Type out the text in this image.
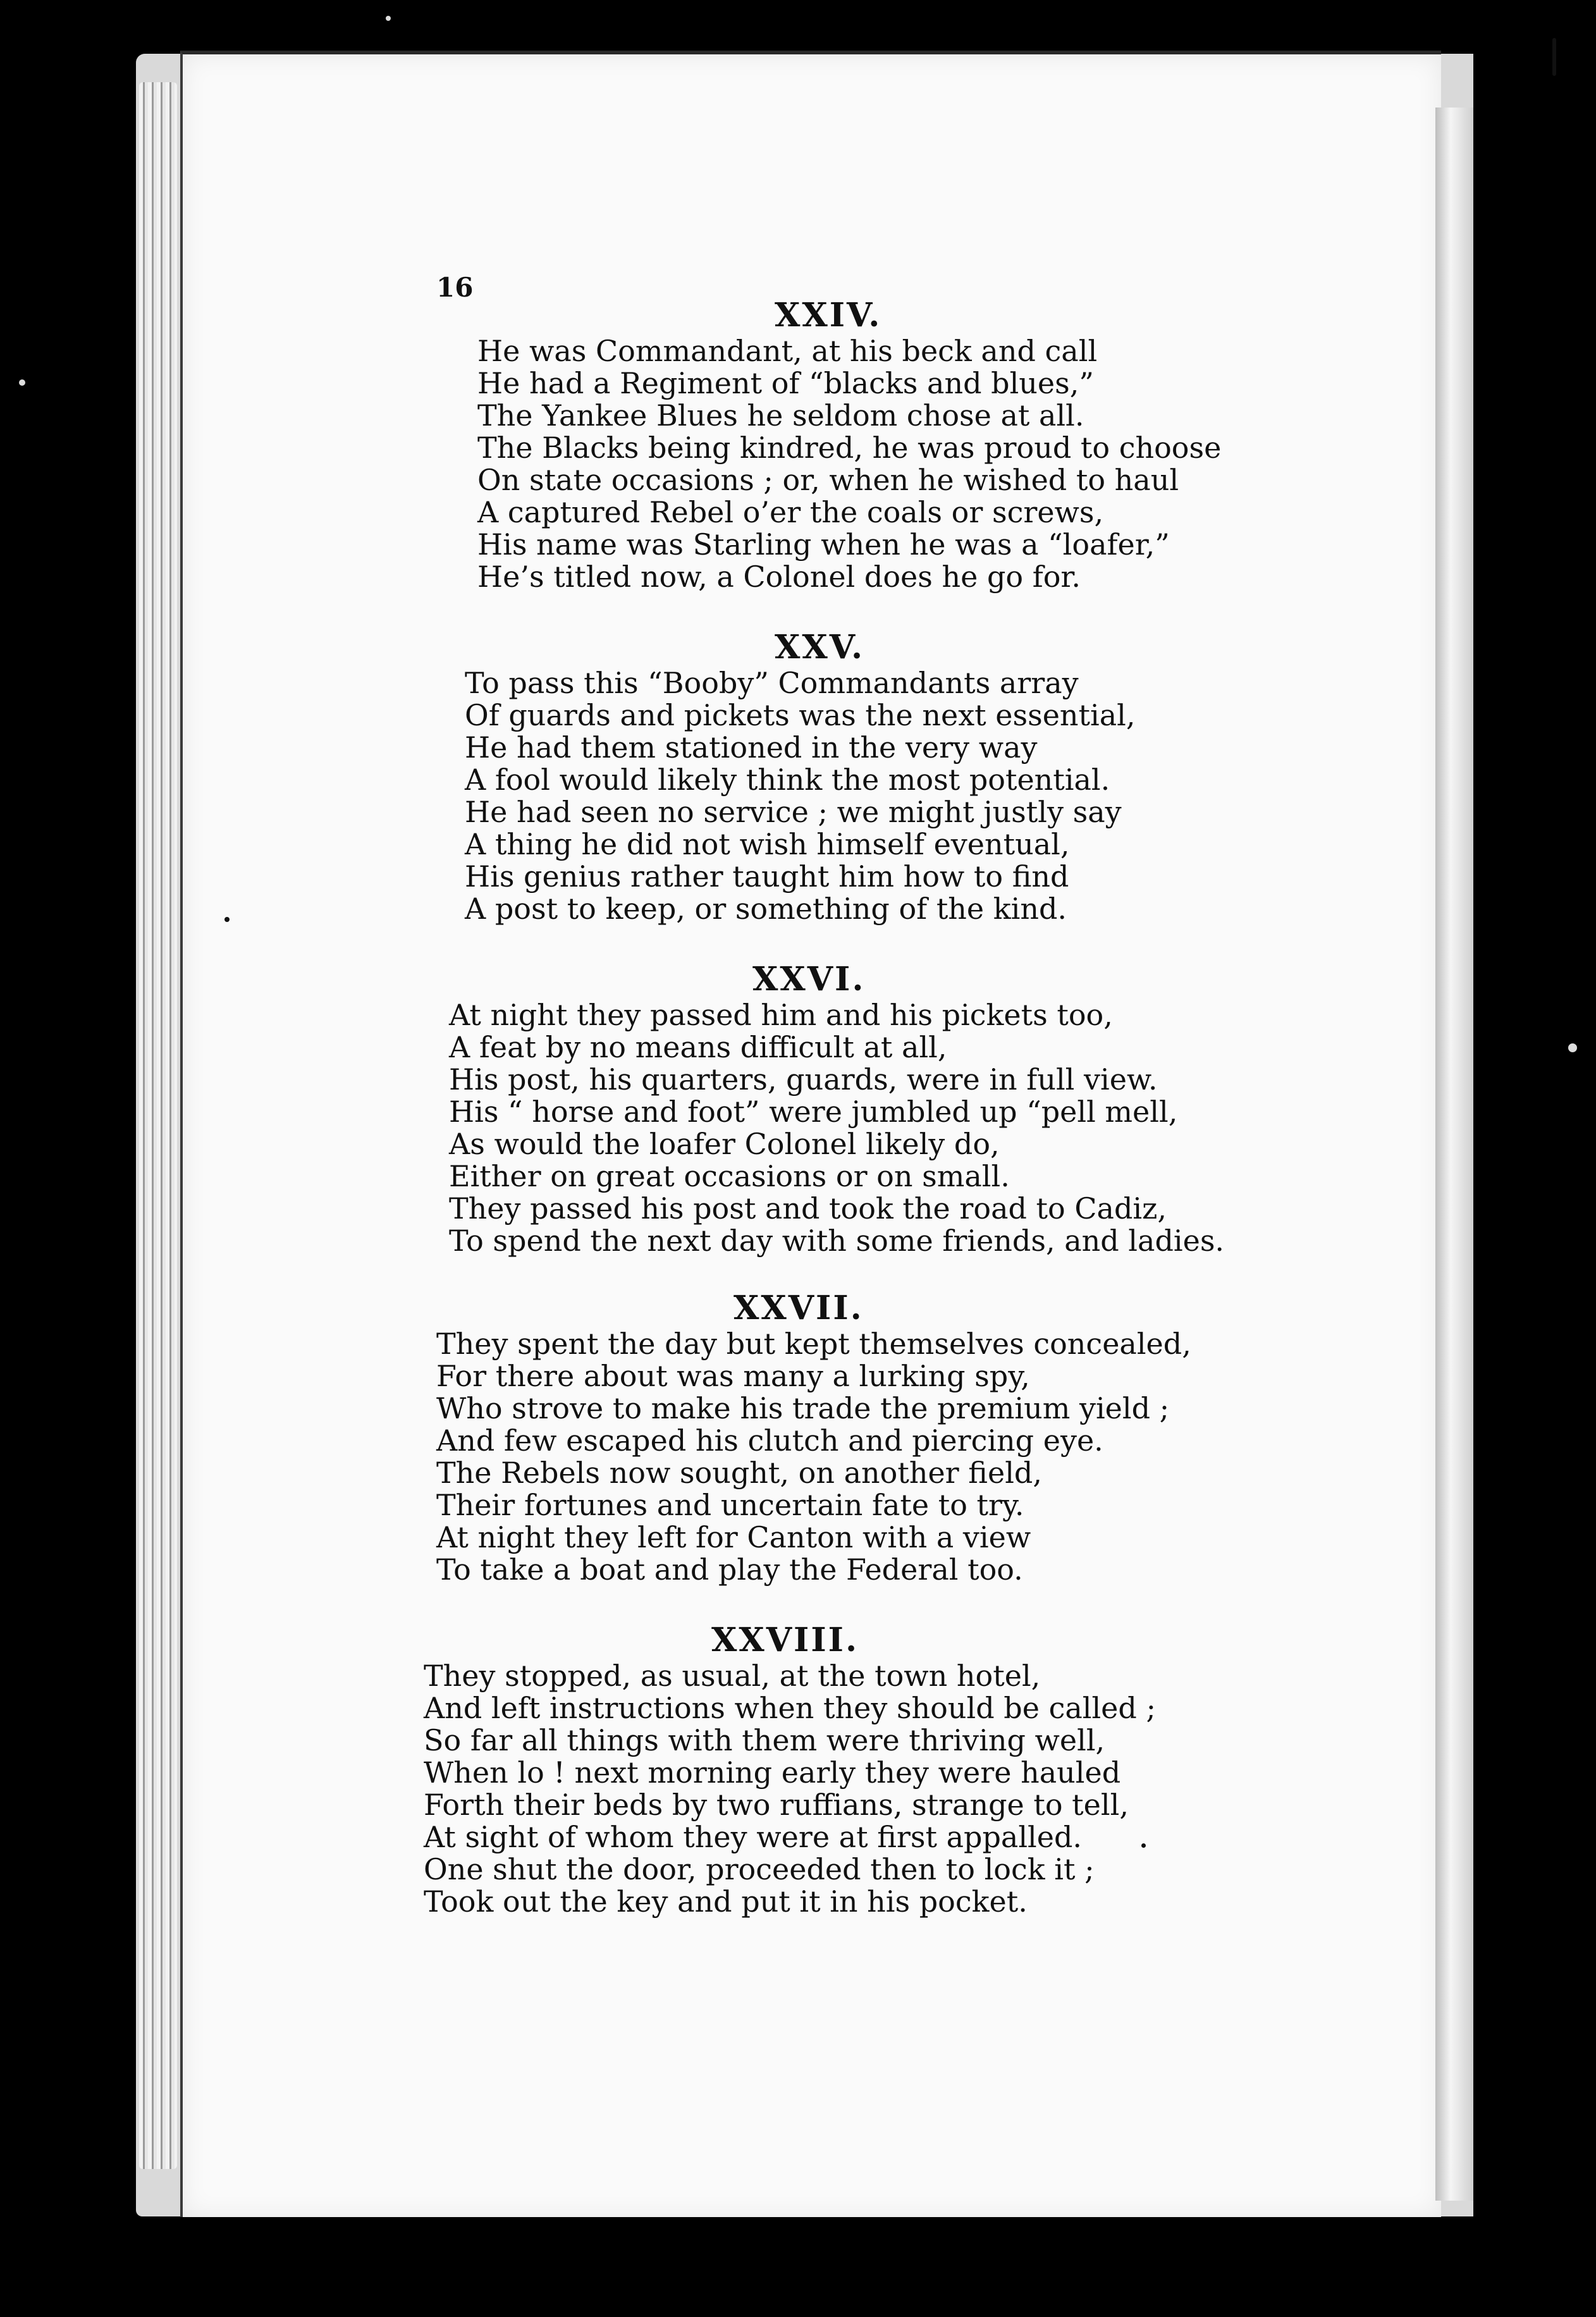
16
XXIV.
He was Commandant, at his beck and call
He had a Regiment of “blacks and blues,”
The Yankee Blues he seldom chose at all.
The Blacks being kindred, he was proud to choose
On state occasions ; or, when he wished to haul
A captured Rebel o’er the coals or screws,
His name was Starling when he was a “loafer,”
He’s titled now, a Colonel does he go for.
XXV.
To pass this “Booby” Commandants array
Of guards and pickets was the next essential,
He had them stationed in the very way
A fool would likely think the most potential.
He had seen no service ; we might justly say
A thing he did not wish himself eventual,
His genius rather taught him how to find
A post to keep, or something of the kind.
XXVI.
At night they passed him and his pickets too,
A feat by no means difficult at all,
His post, his quarters, guards, were in full view.
His “ horse and foot” were jumbled up “pell mell,
As would the loafer Colonel likely do,
Either on great occasions or on small.
They passed his post and took the road to Cadiz,
To spend the next day with some friends, and ladies.
XXVII.
They spent the day but kept themselves concealed,
For there about was many a lurking spy,
Who strove to make his trade the premium yield ;
And few escaped his clutch and piercing eye.
The Rebels now sought, on another field,
Their fortunes and uncertain fate to try.
At night they left for Canton with a view
To take a boat and play the Federal too.
XXVIII.
They stopped, as usual, at the town hotel,
And left instructions when they should be called ;
So far all things with them were thriving well,
When lo ! next morning early they were hauled
Forth their beds by two ruffians, strange to tell,
At sight of whom they were at first appalled.
One shut the door, proceeded then to lock it ;
Took out the key and put it in his pocket.
